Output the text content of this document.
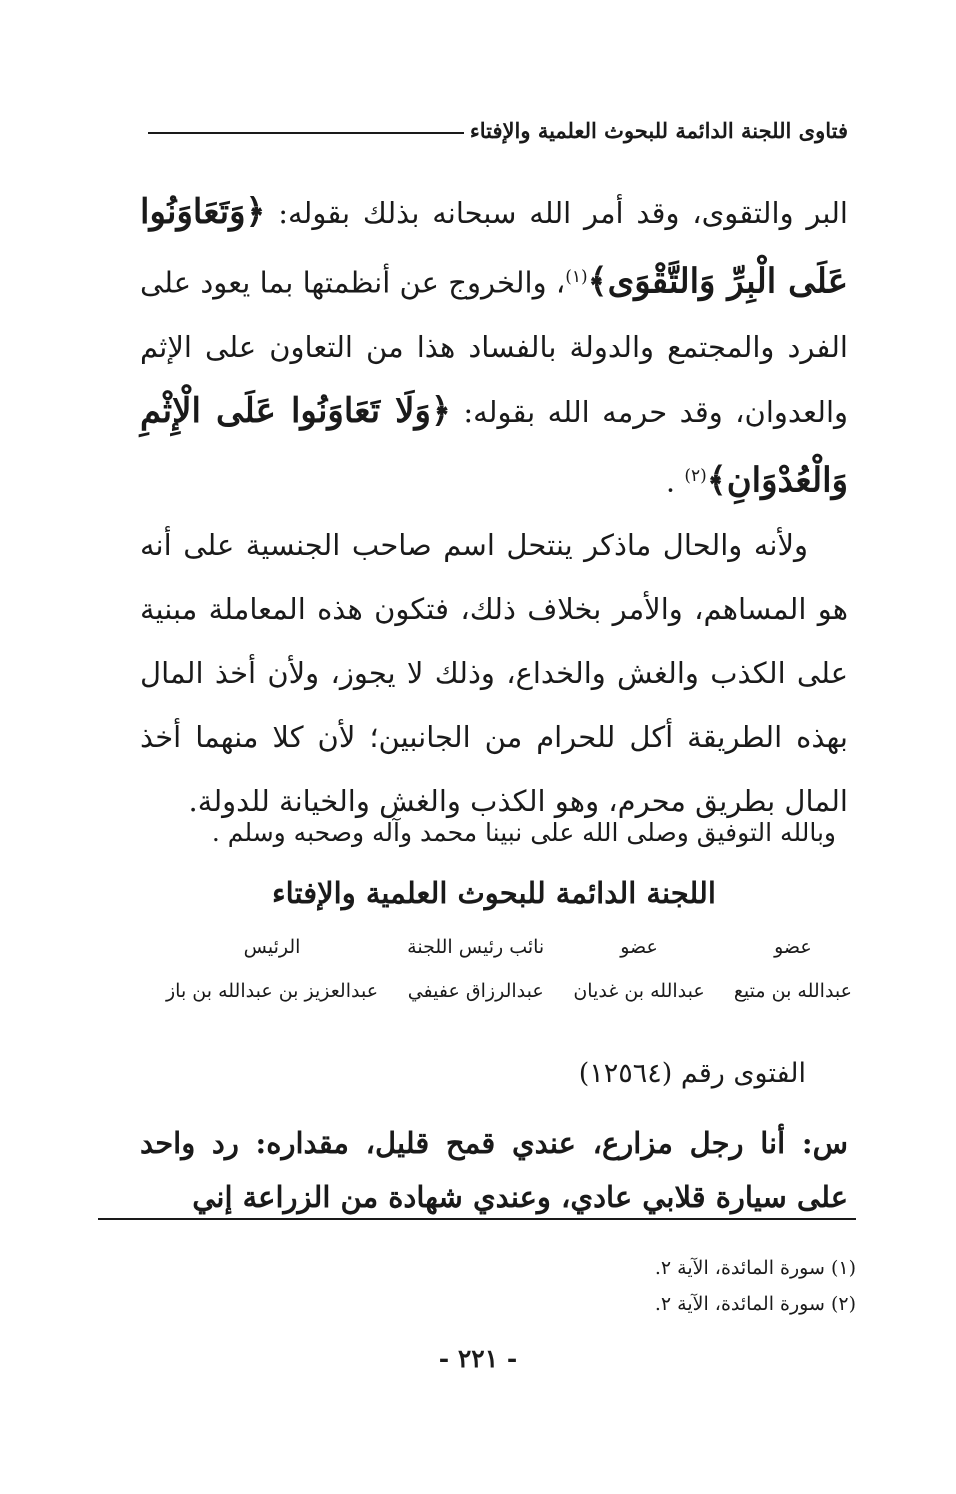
فتاوى اللجنة الدائمة للبحوث العلمية والإفتاء

البر والتقوى، وقد أمر الله سبحانه بذلك بقوله: ﴿وَتَعَاوَنُوا عَلَى الْبِرِّ وَالتَّقْوَى﴾$^{(١)}$، والخروج عن أنظمتها بما يعود على الفرد والمجتمع والدولة بالفساد هذا من التعاون على الإثم والعدوان، وقد حرمه الله بقوله: ﴿وَلَا تَعَاوَنُوا عَلَى الْإِثْمِ وَالْعُدْوَانِ﴾$^{(٢)}$ .

ولأنه والحال ماذكر ينتحل اسم صاحب الجنسية على أنه هو المساهم، والأمر بخلاف ذلك، فتكون هذه المعاملة مبنية على الكذب والغش والخداع، وذلك لا يجوز، ولأن أخذ المال بهذه الطريقة أكل للحرام من الجانبين؛ لأن كلا منهما أخذ المال بطريق محرم، وهو الكذب والغش والخيانة للدولة.

وبالله التوفيق وصلى الله على نبينا محمد وآله وصحبه وسلم .
اللجنة الدائمة للبحوث العلمية والإفتاء
عضو
عبدالله بن متيع
عضو
عبدالله بن غديان
نائب رئيس اللجنة
عبدالرزاق عفيفي
الرئيس
عبدالعزيز بن عبدالله بن باز
الفتوى رقم (١٢٥٦٤)

س: أنا رجل مزارع، عندي قمح قليل، مقداره: رد واحد على سيارة قلابي عادي، وعندي شهادة من الزراعة إني

(١) سورة المائدة، الآية ٢.
(٢) سورة المائدة، الآية ٢.
- ٢٢١ -
